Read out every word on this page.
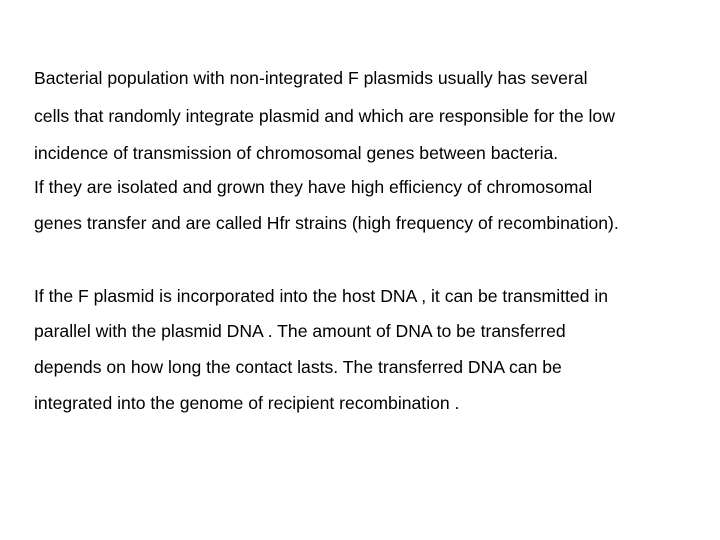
Bacterial population with non-integrated F plasmids usually has several

cells that randomly integrate plasmid and which are responsible for the low

incidence of transmission of chromosomal genes between bacteria.

If they are isolated and grown they have high efficiency of chromosomal

genes transfer and are called Hfr strains (high frequency of recombination).

If the F plasmid is incorporated into the host DNA , it can be transmitted in

parallel with the plasmid DNA . The amount of DNA to be transferred

depends on how long the contact lasts. The transferred DNA can be

integrated into the genome of recipient recombination .
